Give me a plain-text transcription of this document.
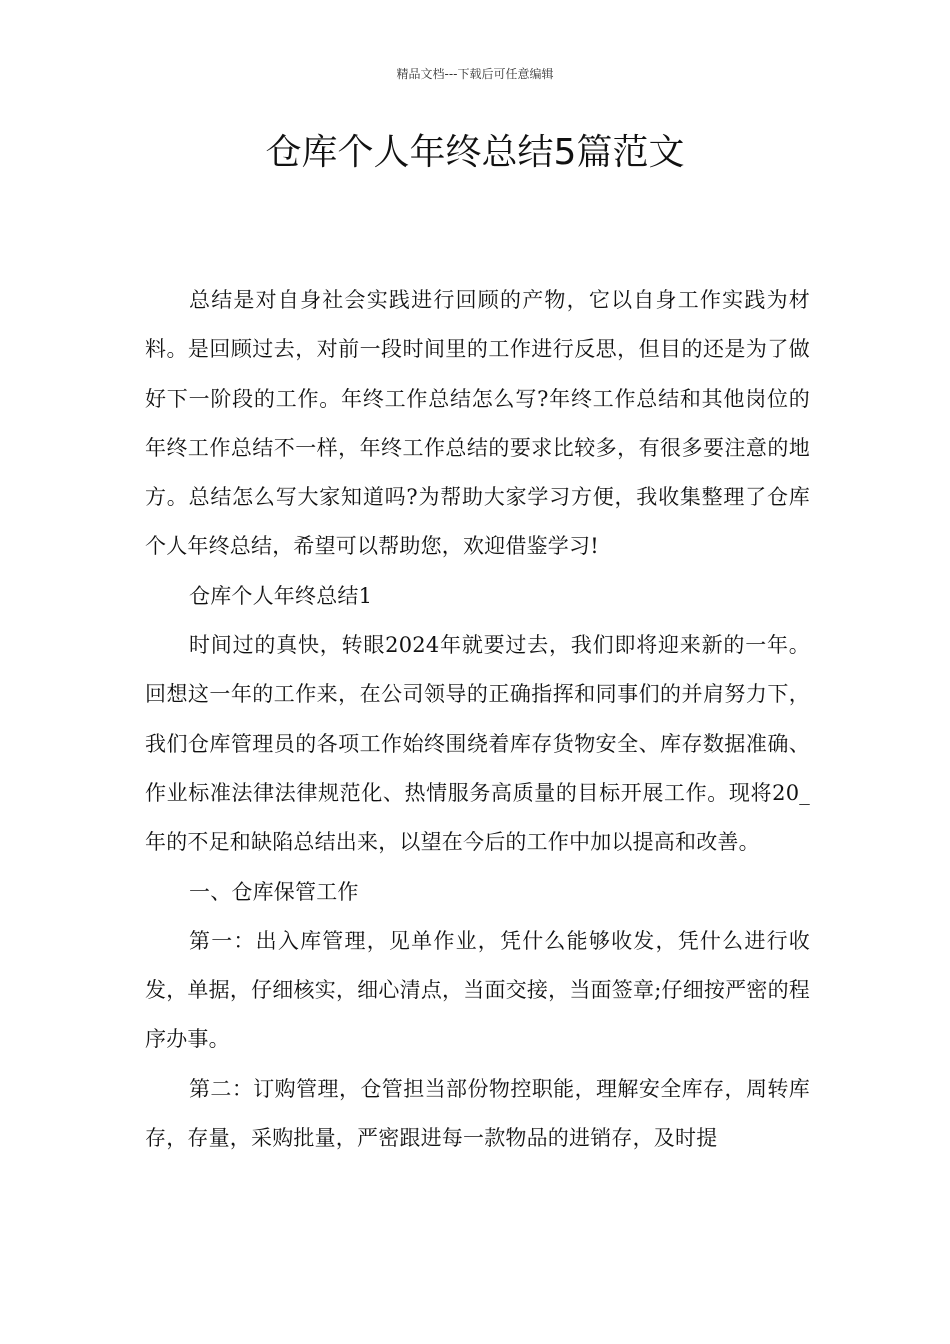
精品文档---下载后可任意编辑
仓库个人年终总结5篇范文

总结是对自身社会实践进行回顾的产物，它以自身工作实践为材料。是回顾过去，对前一段时间里的工作进行反思，但目的还是为了做好下一阶段的工作。年终工作总结怎么写?年终工作总结和其他岗位的年终工作总结不一样，年终工作总结的要求比较多，有很多要注意的地方。总结怎么写大家知道吗?为帮助大家学习方便，我收集整理了仓库个人年终总结，希望可以帮助您，欢迎借鉴学习!

仓库个人年终总结1

时间过的真快，转眼2024年就要过去，我们即将迎来新的一年。回想这一年的工作来，在公司领导的正确指挥和同事们的并肩努力下，我们仓库管理员的各项工作始终围绕着库存货物安全、库存数据准确、作业标准法律法律规范化、热情服务高质量的目标开展工作。现将20_年的不足和缺陷总结出来，以望在今后的工作中加以提高和改善。

一、仓库保管工作

第一：出入库管理，见单作业，凭什么能够收发，凭什么进行收发，单据，仔细核实，细心清点，当面交接，当面签章;仔细按严密的程序办事。

第二：订购管理，仓管担当部份物控职能，理解安全库存，周转库存，存量，采购批量，严密跟进每一款物品的进销存，及时提
